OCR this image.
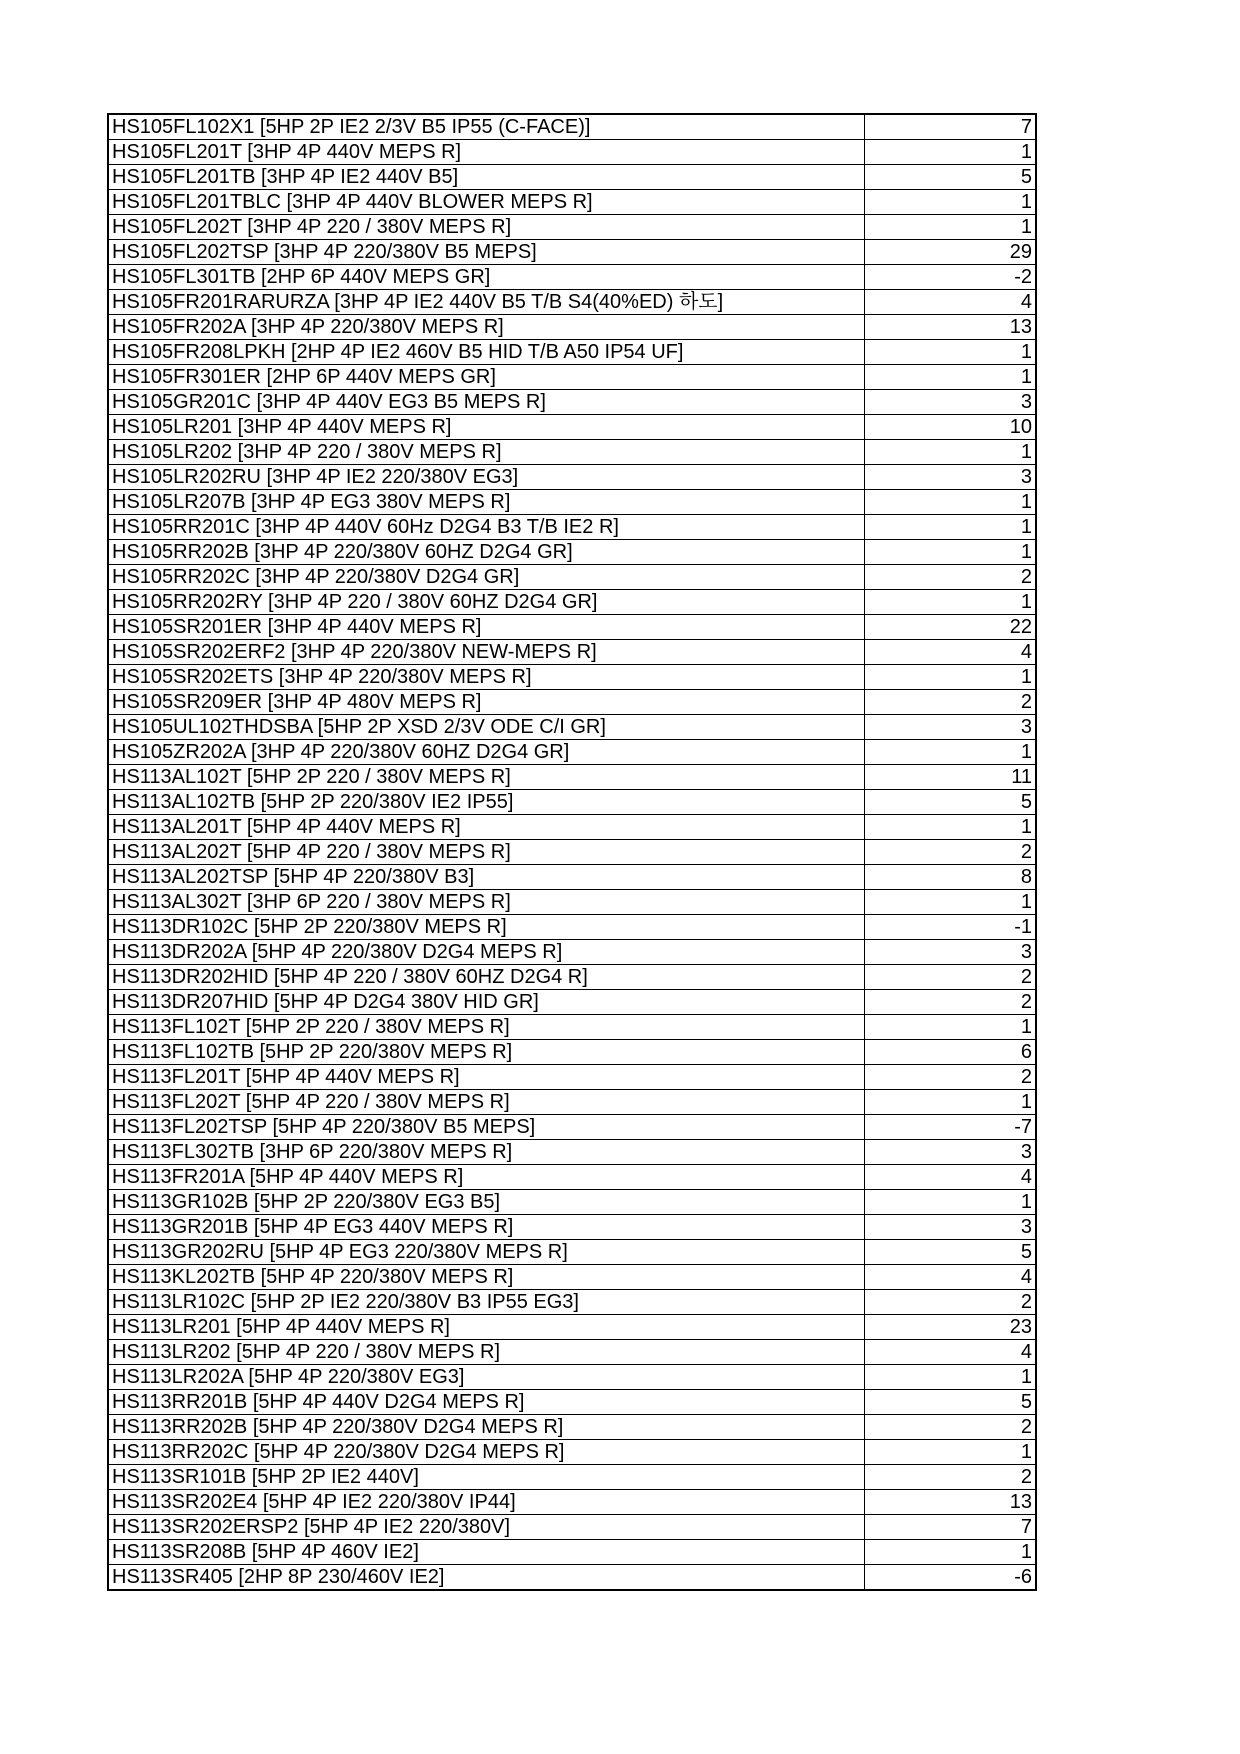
HS105FL102X1 [5HP 2P IE2 2/3V B5 IP55 (C-FACE)]	7
HS105FL201T [3HP 4P 440V MEPS R]	1
HS105FL201TB [3HP 4P IE2 440V B5]	5
HS105FL201TBLC [3HP 4P 440V BLOWER MEPS R]	1
HS105FL202T [3HP 4P 220 / 380V MEPS R]	1
HS105FL202TSP [3HP 4P 220/380V B5 MEPS]	29
HS105FL301TB [2HP 6P 440V MEPS GR]	-2
HS105FR201RARURZA [3HP 4P IE2 440V B5 T/B S4(40%ED) 하도]	4
HS105FR202A [3HP 4P 220/380V MEPS R]	13
HS105FR208LPKH [2HP 4P IE2 460V B5 HID T/B A50 IP54 UF]	1
HS105FR301ER [2HP 6P 440V MEPS GR]	1
HS105GR201C [3HP 4P 440V EG3 B5 MEPS R]	3
HS105LR201 [3HP 4P 440V MEPS R]	10
HS105LR202 [3HP 4P 220 / 380V MEPS R]	1
HS105LR202RU [3HP 4P IE2 220/380V EG3]	3
HS105LR207B [3HP 4P EG3 380V MEPS R]	1
HS105RR201C [3HP 4P 440V 60Hz D2G4 B3 T/B IE2 R]	1
HS105RR202B [3HP 4P 220/380V 60HZ D2G4 GR]	1
HS105RR202C [3HP 4P 220/380V D2G4 GR]	2
HS105RR202RY [3HP 4P 220 / 380V 60HZ D2G4 GR]	1
HS105SR201ER [3HP 4P 440V MEPS R]	22
HS105SR202ERF2 [3HP 4P 220/380V NEW-MEPS R]	4
HS105SR202ETS [3HP 4P 220/380V MEPS R]	1
HS105SR209ER [3HP 4P 480V MEPS R]	2
HS105UL102THDSBA [5HP 2P XSD 2/3V ODE C/I GR]	3
HS105ZR202A [3HP 4P 220/380V 60HZ D2G4 GR]	1
HS113AL102T [5HP 2P 220 / 380V MEPS R]	11
HS113AL102TB [5HP 2P 220/380V IE2 IP55]	5
HS113AL201T [5HP 4P 440V MEPS R]	1
HS113AL202T [5HP 4P 220 / 380V MEPS R]	2
HS113AL202TSP [5HP 4P 220/380V B3]	8
HS113AL302T [3HP 6P 220 / 380V MEPS R]	1
HS113DR102C [5HP 2P 220/380V MEPS R]	-1
HS113DR202A [5HP 4P 220/380V D2G4 MEPS R]	3
HS113DR202HID [5HP 4P 220 / 380V 60HZ D2G4 R]	2
HS113DR207HID [5HP 4P D2G4 380V HID GR]	2
HS113FL102T [5HP 2P 220 / 380V MEPS R]	1
HS113FL102TB [5HP 2P 220/380V MEPS R]	6
HS113FL201T [5HP 4P 440V MEPS R]	2
HS113FL202T [5HP 4P 220 / 380V MEPS R]	1
HS113FL202TSP [5HP 4P 220/380V B5 MEPS]	-7
HS113FL302TB [3HP 6P 220/380V MEPS R]	3
HS113FR201A [5HP 4P 440V MEPS R]	4
HS113GR102B [5HP 2P 220/380V EG3 B5]	1
HS113GR201B [5HP 4P EG3 440V MEPS R]	3
HS113GR202RU [5HP 4P EG3 220/380V MEPS R]	5
HS113KL202TB [5HP 4P 220/380V MEPS R]	4
HS113LR102C [5HP 2P IE2 220/380V B3 IP55 EG3]	2
HS113LR201 [5HP 4P 440V MEPS R]	23
HS113LR202 [5HP 4P 220 / 380V MEPS R]	4
HS113LR202A [5HP 4P 220/380V EG3]	1
HS113RR201B [5HP 4P 440V D2G4 MEPS R]	5
HS113RR202B [5HP 4P 220/380V D2G4 MEPS R]	2
HS113RR202C [5HP 4P 220/380V D2G4 MEPS R]	1
HS113SR101B [5HP 2P IE2 440V]	2
HS113SR202E4 [5HP 4P IE2 220/380V IP44]	13
HS113SR202ERSP2 [5HP 4P IE2 220/380V]	7
HS113SR208B [5HP 4P 460V IE2]	1
HS113SR405 [2HP 8P 230/460V IE2]	-6
